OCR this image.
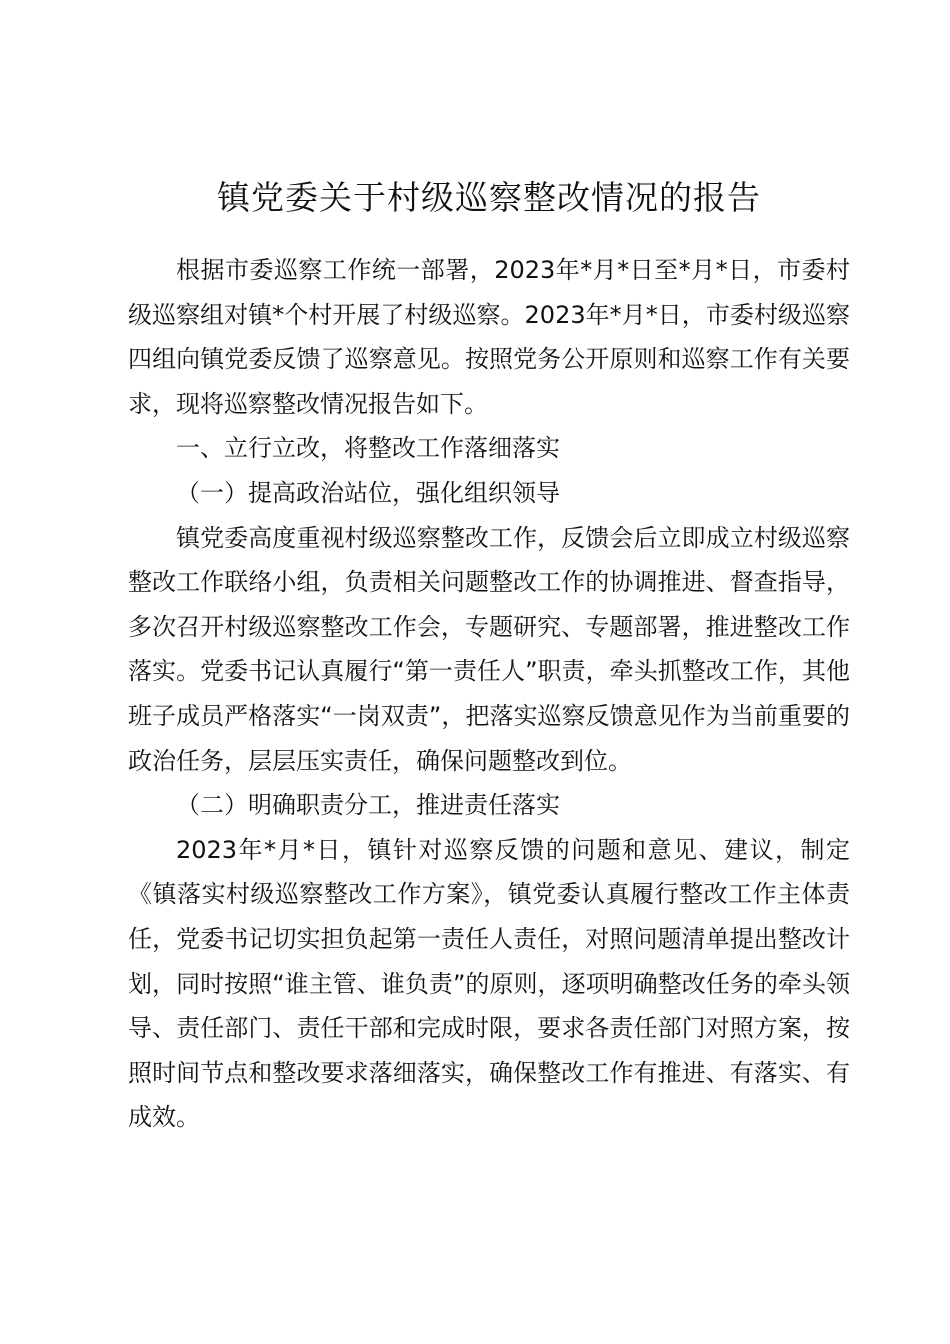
镇党委关于村级巡察整改情况的报告

根据市委巡察工作统一部署，2023年*月*日至*月*日，市委村级巡察组对镇*个村开展了村级巡察。2023年*月*日，市委村级巡察四组向镇党委反馈了巡察意见。按照党务公开原则和巡察工作有关要求，现将巡察整改情况报告如下。

一、立行立改，将整改工作落细落实

（一）提高政治站位，强化组织领导

镇党委高度重视村级巡察整改工作，反馈会后立即成立村级巡察整改工作联络小组，负责相关问题整改工作的协调推进、督查指导，多次召开村级巡察整改工作会，专题研究、专题部署，推进整改工作落实。党委书记认真履行“第一责任人”职责，牵头抓整改工作，其他班子成员严格落实“一岗双责”，把落实巡察反馈意见作为当前重要的政治任务，层层压实责任，确保问题整改到位。

（二）明确职责分工，推进责任落实

2023年*月*日，镇针对巡察反馈的问题和意见、建议，制定《镇落实村级巡察整改工作方案》，镇党委认真履行整改工作主体责任，党委书记切实担负起第一责任人责任，对照问题清单提出整改计划，同时按照“谁主管、谁负责”的原则，逐项明确整改任务的牵头领导、责任部门、责任干部和完成时限，要求各责任部门对照方案，按照时间节点和整改要求落细落实，确保整改工作有推进、有落实、有成效。
